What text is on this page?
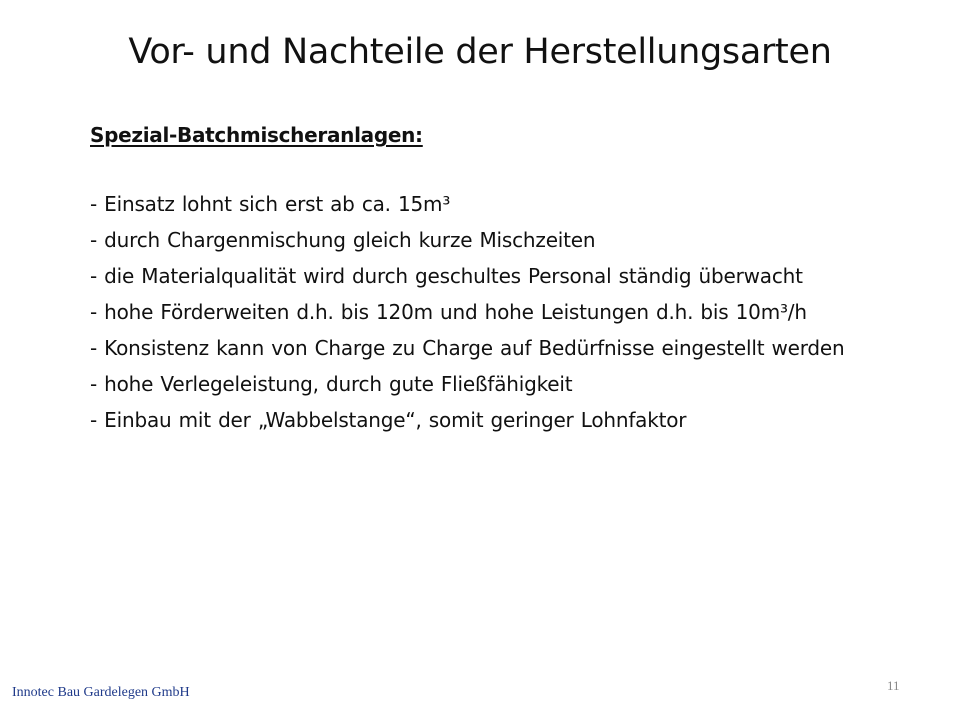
Vor- und Nachteile der Herstellungsarten

Spezial-Batchmischeranlagen:

- Einsatz lohnt sich erst ab ca. 15m³
- durch Chargenmischung gleich kurze Mischzeiten
- die Materialqualität wird durch geschultes Personal ständig überwacht
- hohe Förderweiten d.h. bis 120m und hohe Leistungen d.h. bis 10m³/h
- Konsistenz kann von Charge zu Charge auf Bedürfnisse eingestellt werden
- hohe Verlegeleistung, durch gute Fließfähigkeit
- Einbau mit der „Wabbelstange“, somit geringer Lohnfaktor
Innotec Bau Gardelegen GmbH	11
